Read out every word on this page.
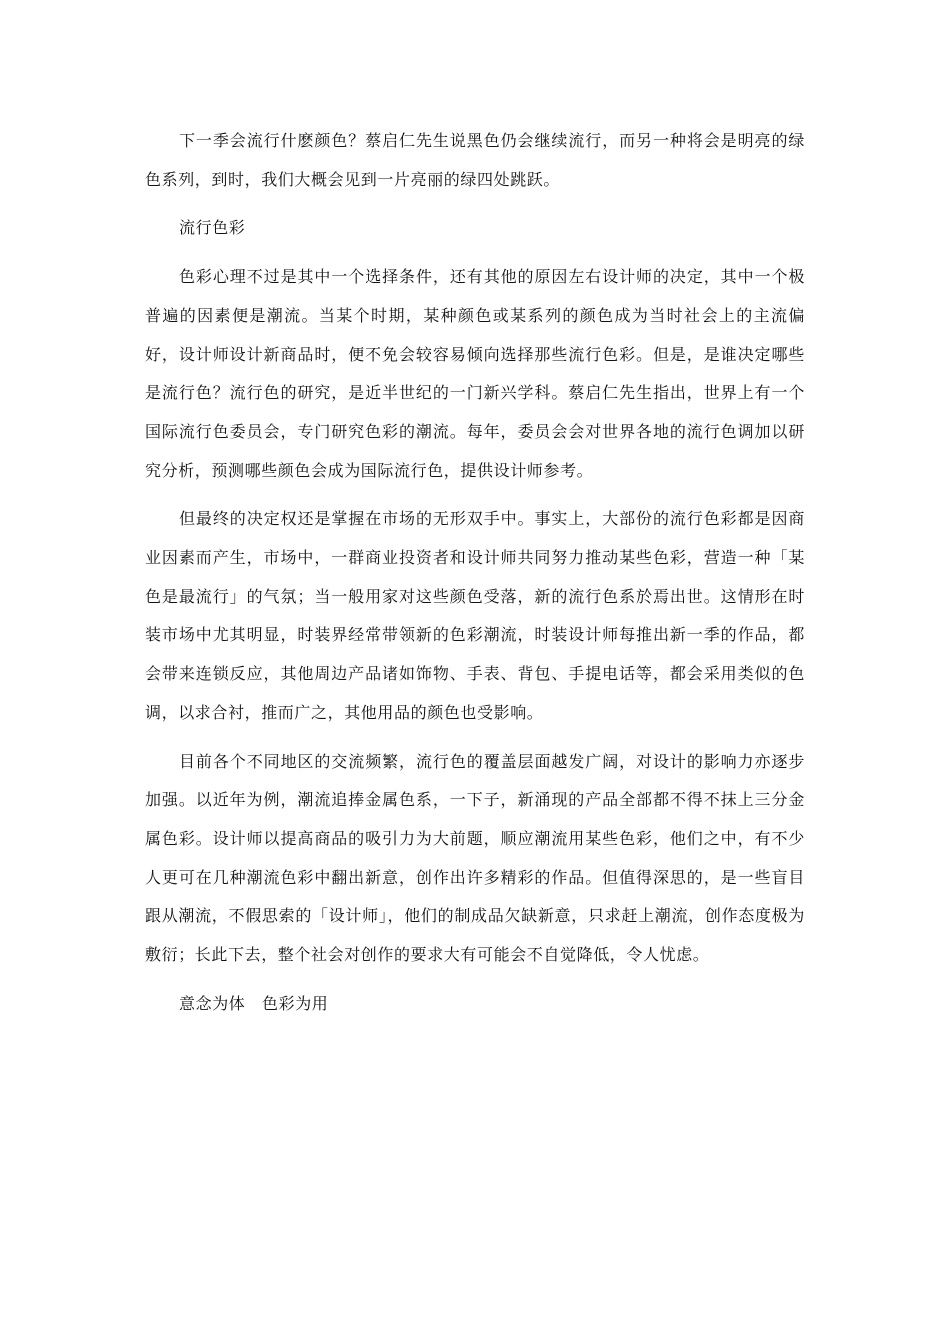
下一季会流行什麽颜色？蔡启仁先生说黑色仍会继续流行，而另一种将会是明亮的绿色系列，到时，我们大概会见到一片亮丽的绿四处跳跃。

流行色彩

色彩心理不过是其中一个选择条件，还有其他的原因左右设计师的决定，其中一个极普遍的因素便是潮流。当某个时期，某种颜色或某系列的颜色成为当时社会上的主流偏好，设计师设计新商品时，便不免会较容易倾向选择那些流行色彩。但是，是谁决定哪些是流行色？流行色的研究，是近半世纪的一门新兴学科。蔡启仁先生指出，世界上有一个国际流行色委员会，专门研究色彩的潮流。每年，委员会会对世界各地的流行色调加以研究分析，预测哪些颜色会成为国际流行色，提供设计师参考。

但最终的决定权还是掌握在市场的无形双手中。事实上，大部份的流行色彩都是因商业因素而产生，市场中，一群商业投资者和设计师共同努力推动某些色彩，营造一种「某色是最流行」的气氛；当一般用家对这些颜色受落，新的流行色系於焉出世。这情形在时装市场中尤其明显，时装界经常带领新的色彩潮流，时装设计师每推出新一季的作品，都会带来连锁反应，其他周边产品诸如饰物、手表、背包、手提电话等，都会采用类似的色调，以求合衬，推而广之，其他用品的颜色也受影响。

目前各个不同地区的交流频繁，流行色的覆盖层面越发广阔，对设计的影响力亦逐步加强。以近年为例，潮流追捧金属色系，一下子，新涌现的产品全部都不得不抹上三分金属色彩。设计师以提高商品的吸引力为大前题，顺应潮流用某些色彩，他们之中，有不少人更可在几种潮流色彩中翻出新意，创作出许多精彩的作品。但值得深思的，是一些盲目跟从潮流，不假思索的「设计师」，他们的制成品欠缺新意，只求赶上潮流，创作态度极为敷衍；长此下去，整个社会对创作的要求大有可能会不自觉降低，令人忧虑。

意念为体　色彩为用
